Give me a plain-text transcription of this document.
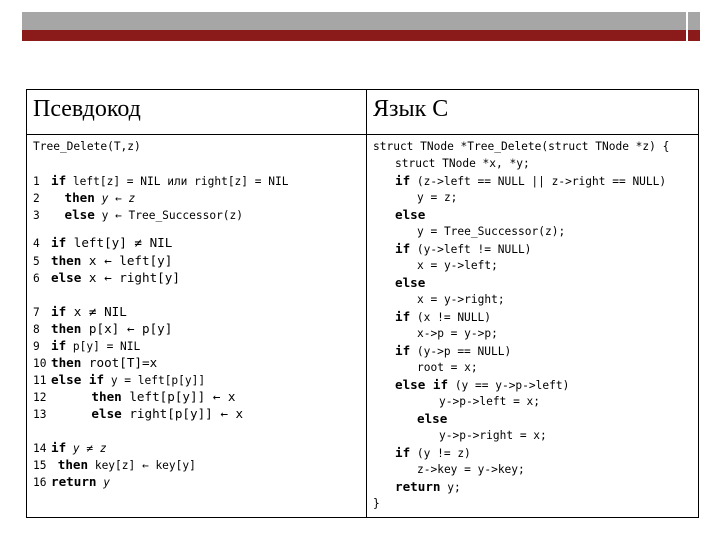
Псевдокод	Язык С
Tree_Delete(T,z)
1 if left[z] = NIL или right[z] = NIL
2 then y ← z
3 else y ← Tree_Successor(z)
4 if left[y] ≠ NIL
5 then x ← left[y]
6 else x ← right[y]
7 if x ≠ NIL
8 then p[x] ← p[y]
9 if p[y] = NIL
10 then root[T]=x
11 else if y = left[p[y]]
12	then left[p[y]] ← x
13	else right[p[y]] ← x
14 if y ≠ z
15 then key[z] ← key[y]
16 return y
struct TNode *Tree_Delete(struct TNode *z) {
struct TNode *x, *y;
if (z->left == NULL || z->right == NULL)
y = z;
else
y = Tree_Successor(z);
if (y->left != NULL)
x = y->left;
else
x = y->right;
if (x != NULL)
x->p = y->p;
if (y->p == NULL)
root = x;
else if (y == y->p->left)
y->p->left = x;
else
y->p->right = x;
if (y != z)
z->key = y->key;
return y;
}
